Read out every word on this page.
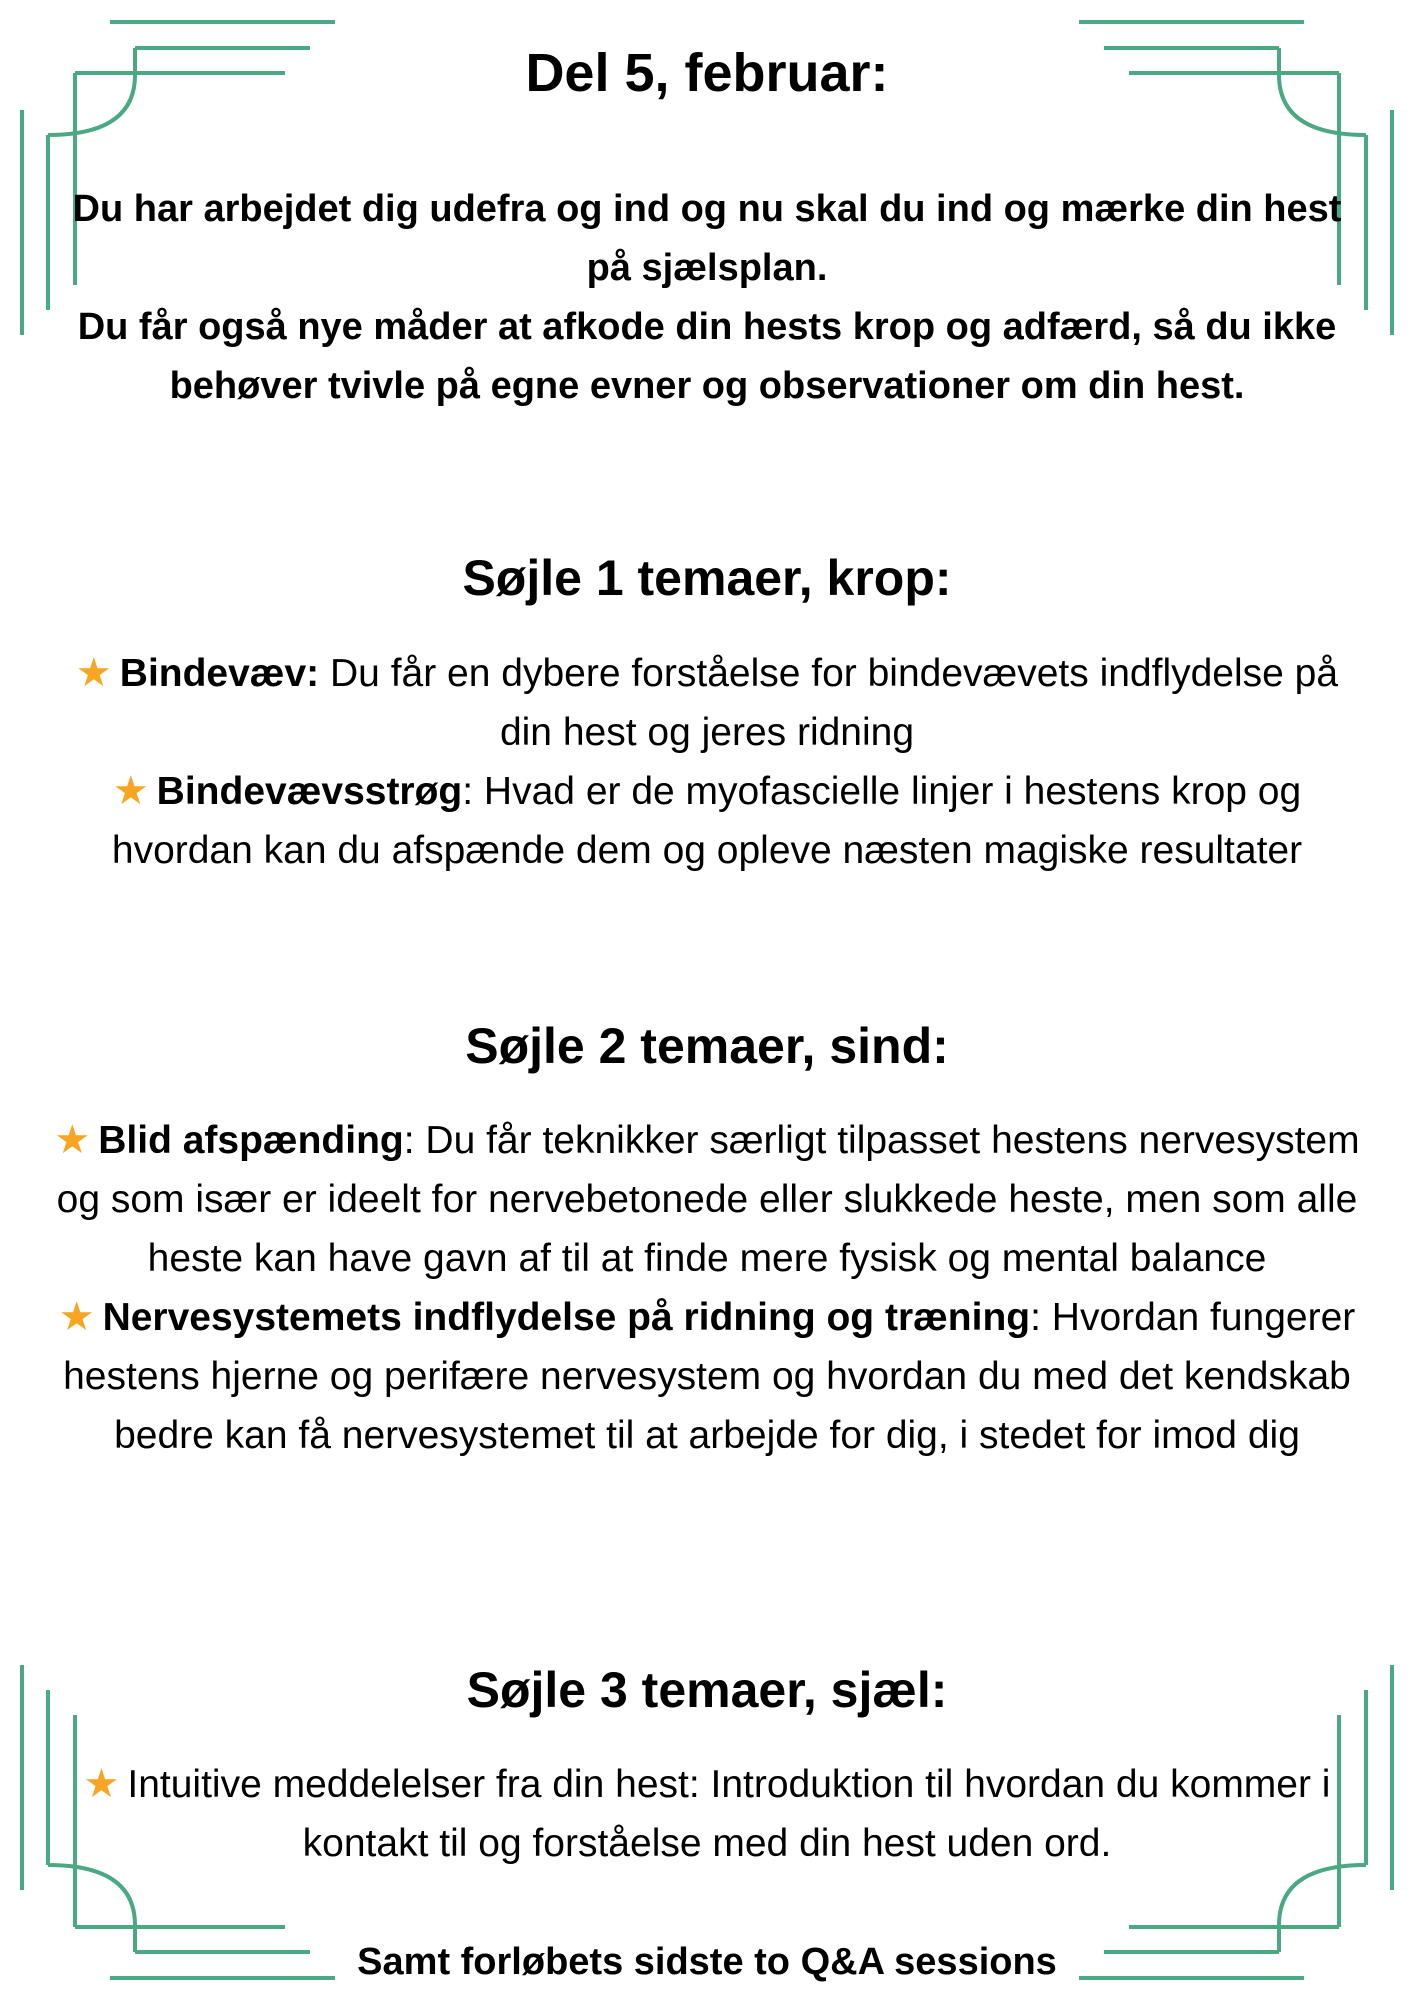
Del 5, februar:

Du har arbejdet dig udefra og ind og nu skal du ind og mærke din hest på sjælsplan.

Du får også nye måder at afkode din hests krop og adfærd, så du ikke behøver tvivle på egne evner og observationer om din hest.

Søjle 1 temaer, krop:

★ Bindevæv: Du får en dybere forståelse for bindevævets indflydelse på din hest og jeres ridning

★ Bindevævsstrøg: Hvad er de myofascielle linjer i hestens krop og hvordan kan du afspænde dem og opleve næsten magiske resultater

Søjle 2 temaer, sind:

★ Blid afspænding: Du får teknikker særligt tilpasset hestens nervesystem og som især er ideelt for nervebetonede eller slukkede heste, men som alle heste kan have gavn af til at finde mere fysisk og mental balance

★ Nervesystemets indflydelse på ridning og træning: Hvordan fungerer hestens hjerne og perifære nervesystem og hvordan du med det kendskab bedre kan få nervesystemet til at arbejde for dig, i stedet for imod dig

Søjle 3 temaer, sjæl:

★ Intuitive meddelelser fra din hest: Introduktion til hvordan du kommer i kontakt til og forståelse med din hest uden ord.

Samt forløbets sidste to Q&A sessions
